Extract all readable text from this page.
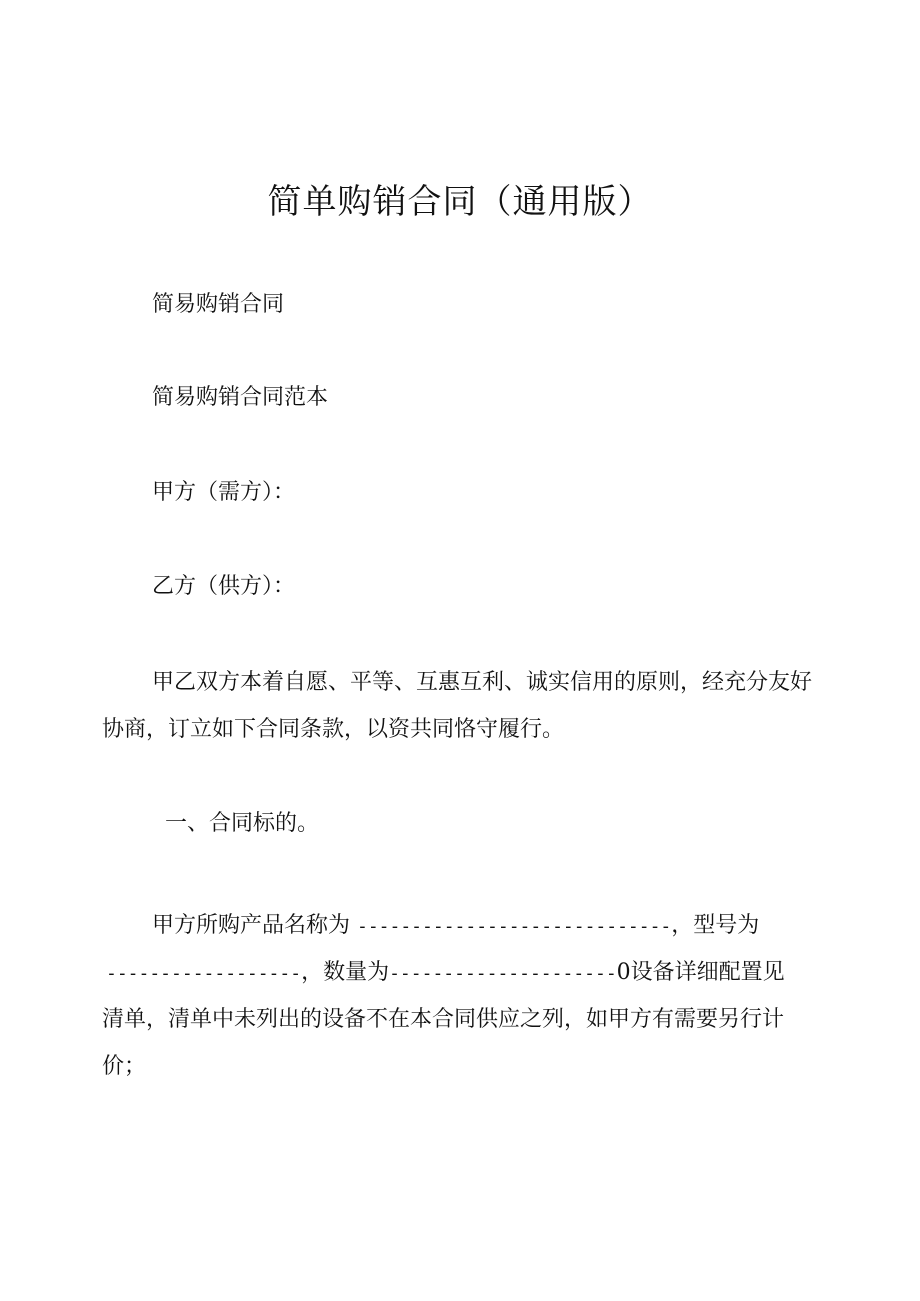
简单购销合同（通用版）
简易购销合同
简易购销合同范本
甲方（需方）：
乙方（供方）：
甲乙双方本着自愿、平等、互惠互利、诚实信用的原则，经充分友好协商，订立如下合同条款，以资共同恪守履行。
一、合同标的。
甲方所购产品名称为 -----------------------------，型号为
------------------，数量为---------------------0设备详细配置见
清单，清单中未列出的设备不在本合同供应之列，如甲方有需要另行计
价；
